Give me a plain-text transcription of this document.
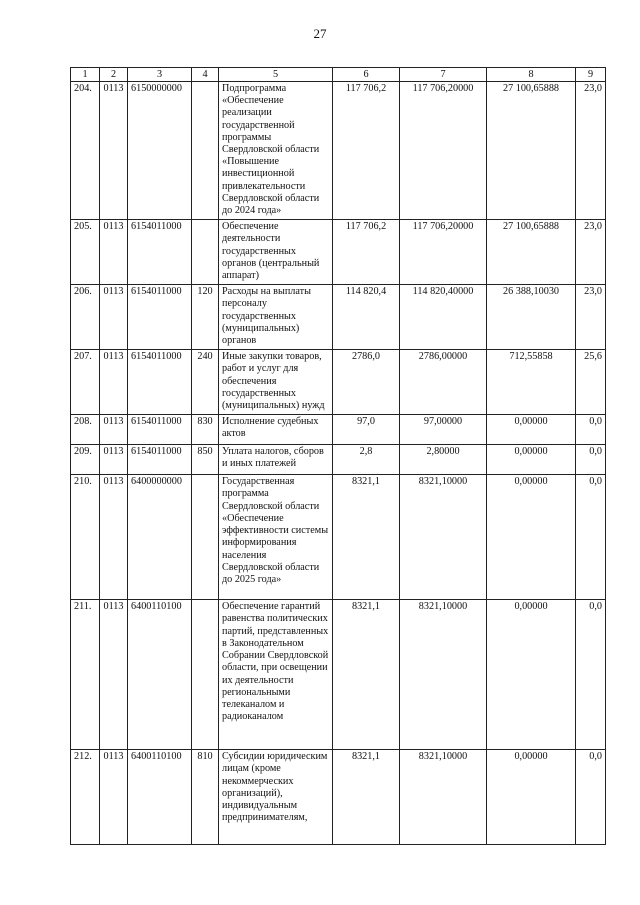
27
1	2	3	4	5	6	7	8	9
204.	0113	6150000000		Подпрограмма «Обеспечение реализации государственной программы Свердловской области «Повышение инвестиционной привлекательности Свердловской области до 2024 года»	117 706,2	117 706,20000	27 100,65888	23,0
205.	0113	6154011000		Обеспечение деятельности государственных органов (центральный аппарат)	117 706,2	117 706,20000	27 100,65888	23,0
206.	0113	6154011000	120	Расходы на выплаты персоналу государственных (муниципальных) органов	114 820,4	114 820,40000	26 388,10030	23,0
207.	0113	6154011000	240	Иные закупки товаров, работ и услуг для обеспечения государственных (муниципальных) нужд	2786,0	2786,00000	712,55858	25,6
208.	0113	6154011000	830	Исполнение судебных актов	97,0	97,00000	0,00000	0,0
209.	0113	6154011000	850	Уплата налогов, сборов и иных платежей	2,8	2,80000	0,00000	0,0
210.	0113	6400000000		Государственная программа Свердловской области «Обеспечение эффективности системы информирования населения Свердловской области до 2025 года»	8321,1	8321,10000	0,00000	0,0
211.	0113	6400110100		Обеспечение гарантий равенства политических партий, представленных в Законодательном Собрании Свердловской области, при освещении их деятельности региональными телеканалом и радиоканалом	8321,1	8321,10000	0,00000	0,0
212.	0113	6400110100	810	Субсидии юридическим лицам (кроме некоммерческих организаций), индивидуальным предпринимателям,	8321,1	8321,10000	0,00000	0,0
